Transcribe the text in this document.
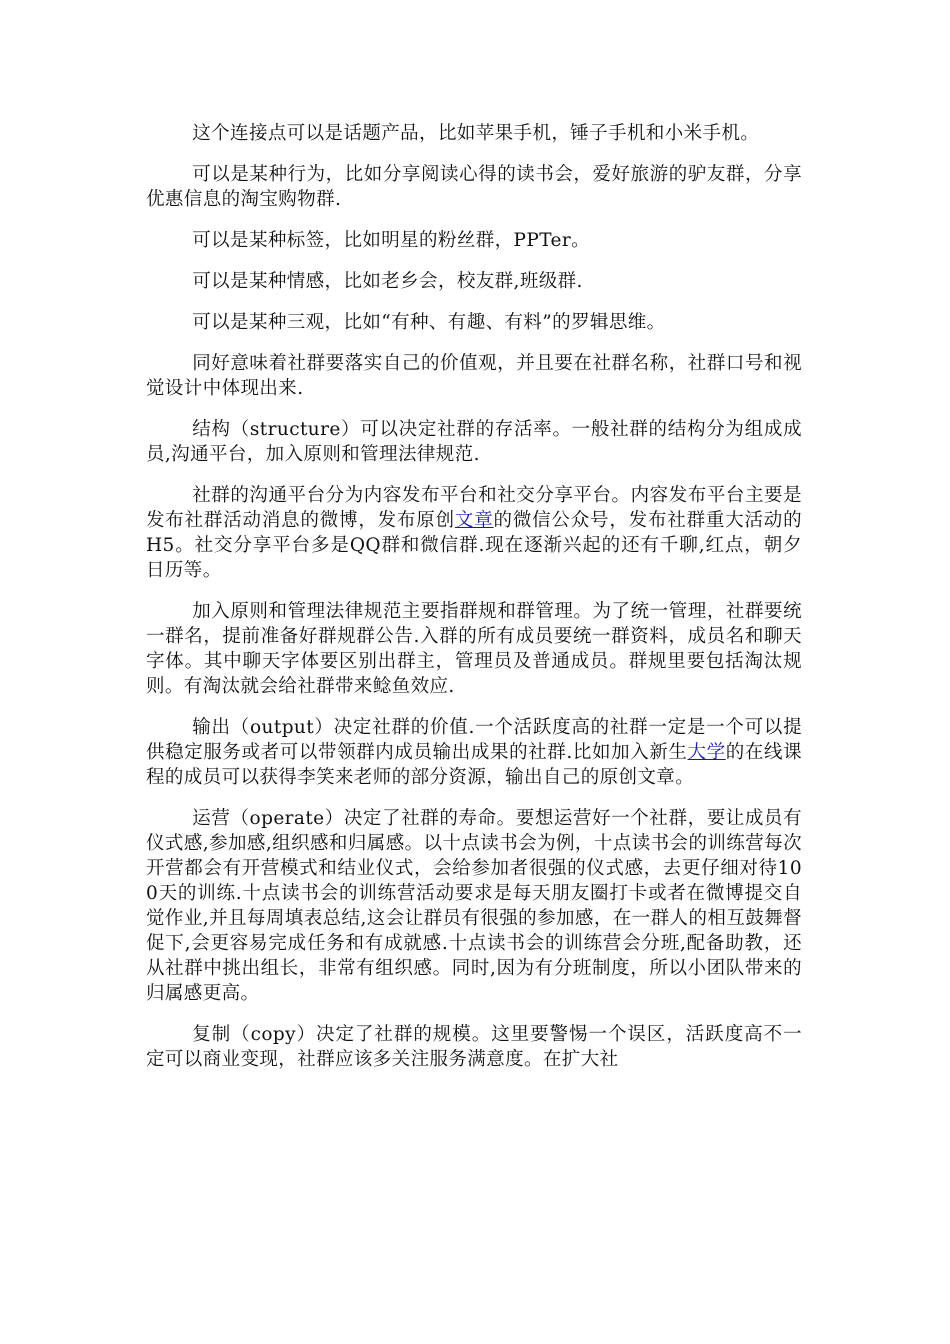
这个连接点可以是话题产品，比如苹果手机，锤子手机和小米手机。

可以是某种行为，比如分享阅读心得的读书会，爱好旅游的驴友群，分享优惠信息的淘宝购物群.

可以是某种标签，比如明星的粉丝群，PPTer。

可以是某种情感，比如老乡会，校友群,班级群.

可以是某种三观，比如“有种、有趣、有料”的罗辑思维。

同好意味着社群要落实自己的价值观，并且要在社群名称，社群口号和视觉设计中体现出来.

结构（structure）可以决定社群的存活率。一般社群的结构分为组成成员,沟通平台，加入原则和管理法律规范.

社群的沟通平台分为内容发布平台和社交分享平台。内容发布平台主要是发布社群活动消息的微博，发布原创文章的微信公众号，发布社群重大活动的H5。社交分享平台多是QQ群和微信群.现在逐渐兴起的还有千聊,红点，朝夕日历等。

加入原则和管理法律规范主要指群规和群管理。为了统一管理，社群要统一群名，提前准备好群规群公告.入群的所有成员要统一群资料，成员名和聊天字体。其中聊天字体要区别出群主，管理员及普通成员。群规里要包括淘汰规则。有淘汰就会给社群带来鲶鱼效应.

输出（output）决定社群的价值.一个活跃度高的社群一定是一个可以提供稳定服务或者可以带领群内成员输出成果的社群.比如加入新生大学的在线课程的成员可以获得李笑来老师的部分资源，输出自己的原创文章。

运营（operate）决定了社群的寿命。要想运营好一个社群，要让成员有仪式感,参加感,组织感和归属感。以十点读书会为例，十点读书会的训练营每次开营都会有开营模式和结业仪式，会给参加者很强的仪式感，去更仔细对待100天的训练.十点读书会的训练营活动要求是每天朋友圈打卡或者在微博提交自觉作业,并且每周填表总结,这会让群员有很强的参加感，在一群人的相互鼓舞督促下,会更容易完成任务和有成就感.十点读书会的训练营会分班,配备助教，还从社群中挑出组长，非常有组织感。同时,因为有分班制度，所以小团队带来的归属感更高。

复制（copy）决定了社群的规模。这里要警惕一个误区，活跃度高不一定可以商业变现，社群应该多关注服务满意度。在扩大社
